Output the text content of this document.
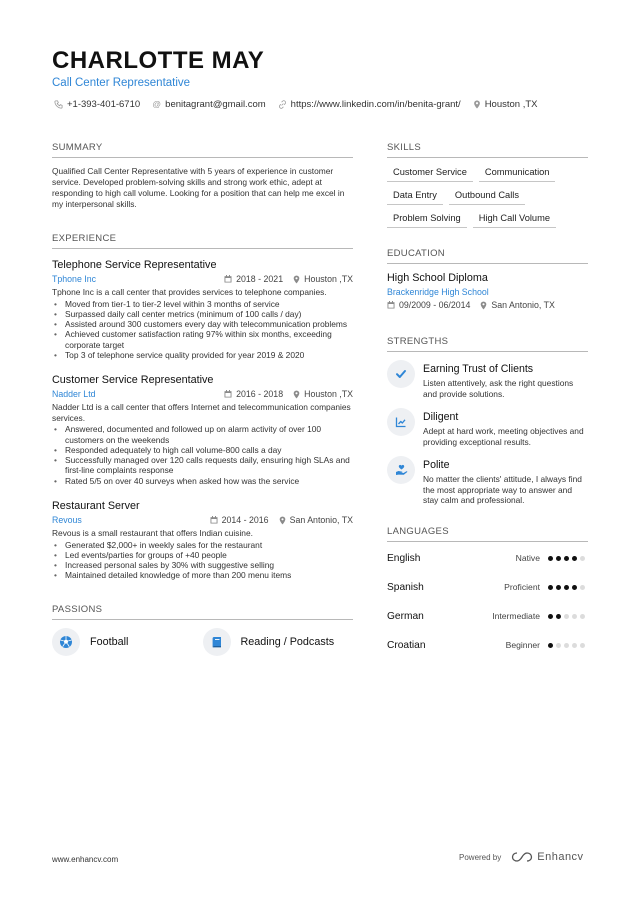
CHARLOTTE MAY
Call Center Representative
+1-393-401-6710 @ benitagrant@gmail.com	https://www.linkedin.com/in/benita-grant/	Houston ,TX
SUMMARY

Qualified Call Center Representative with 5 years of experience in customer service. Developed problem-solving skills and strong work ethic, adept at responding to high call volume. Looking for a position that can help me excel in my interpersonal skills.

EXPERIENCE
Telephone Service Representative
Tphone Inc	2018 - 2021 Houston ,TX

Tphone Inc is a call center that provides services to telephone companies.

• Moved from tier-1 to tier-2 level within 3 months of service
• Surpassed daily call center metrics (minimum of 100 calls / day)
• Assisted around 300 customers every day with telecommunication problems
• Achieved customer satisfaction rating 97% within six months, exceeding corporate target
• Top 3 of telephone service quality provided for year 2019 & 2020
Customer Service Representative
Nadder Ltd	2016 - 2018 Houston ,TX

Nadder Ltd is a call center that offers Internet and telecommunication companies services.

• Answered, documented and followed up on alarm activity of over 100 customers on the weekends
• Responded adequately to high call volume-800 calls a day
• Successfully managed over 120 calls requests daily, ensuring high SLAs and first-line complaints response
• Rated 5/5 on over 40 surveys when asked how was the service
Restaurant Server
Revous	2014 - 2016 San Antonio, TX

Revous is a small restaurant that offers Indian cuisine.

• Generated $2,000+ in weekly sales for the restaurant
• Led events/parties for groups of +40 people
• Increased personal sales by 30% with suggestive selling
• Maintained detailed knowledge of more than 200 menu items
PASSIONS
Football	Reading / Podcasts
SKILLS
Customer Service	Communication
Data Entry	Outbound Calls
Problem Solving	High Call Volume
EDUCATION
High School Diploma
Brackenridge High School
09/2009 - 06/2014 San Antonio, TX
STRENGTHS
Earning Trust of Clients
Listen attentively, ask the right questions and provide solutions.
Diligent
Adept at hard work, meeting objectives and providing exceptional results.
Polite
No matter the clients' attitude, I always find the most appropriate way to answer and stay calm and professional.
LANGUAGES
English	Native
Spanish	Proficient
German	Intermediate
Croatian	Beginner
www.enhancv.com	Powered by	Enhancv
